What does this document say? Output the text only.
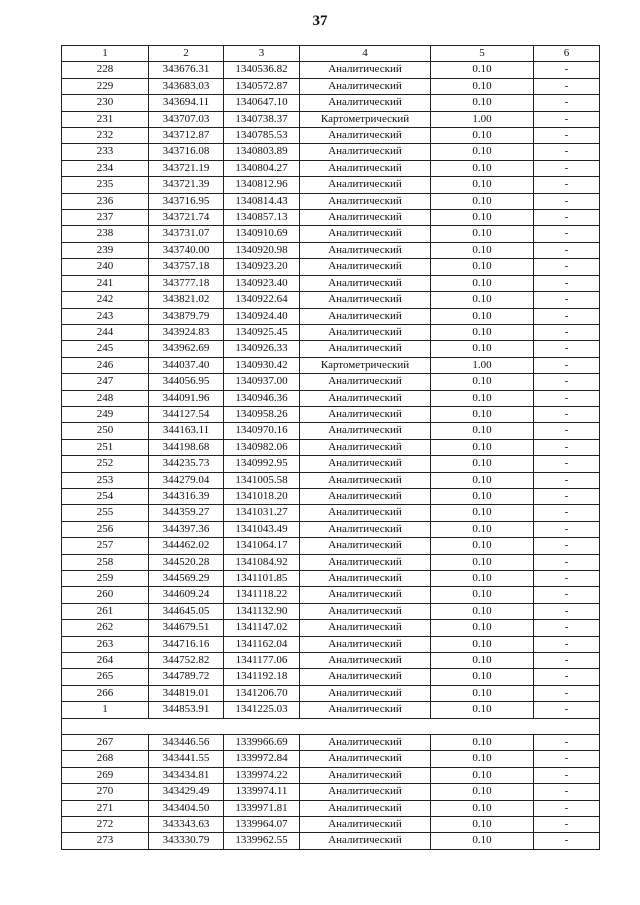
37
1	2	3	4	5	6
228	343676.31	1340536.82	Аналитический	0.10	-
229	343683.03	1340572.87	Аналитический	0.10	-
230	343694.11	1340647.10	Аналитический	0.10	-
231	343707.03	1340738.37	Картометрический	1.00	-
232	343712.87	1340785.53	Аналитический	0.10	-
233	343716.08	1340803.89	Аналитический	0.10	-
234	343721.19	1340804.27	Аналитический	0.10	-
235	343721.39	1340812.96	Аналитический	0.10	-
236	343716.95	1340814.43	Аналитический	0.10	-
237	343721.74	1340857.13	Аналитический	0.10	-
238	343731.07	1340910.69	Аналитический	0.10	-
239	343740.00	1340920.98	Аналитический	0.10	-
240	343757.18	1340923.20	Аналитический	0.10	-
241	343777.18	1340923.40	Аналитический	0.10	-
242	343821.02	1340922.64	Аналитический	0.10	-
243	343879.79	1340924.40	Аналитический	0.10	-
244	343924.83	1340925.45	Аналитический	0.10	-
245	343962.69	1340926.33	Аналитический	0.10	-
246	344037.40	1340930.42	Картометрический	1.00	-
247	344056.95	1340937.00	Аналитический	0.10	-
248	344091.96	1340946.36	Аналитический	0.10	-
249	344127.54	1340958.26	Аналитический	0.10	-
250	344163.11	1340970.16	Аналитический	0.10	-
251	344198.68	1340982.06	Аналитический	0.10	-
252	344235.73	1340992.95	Аналитический	0.10	-
253	344279.04	1341005.58	Аналитический	0.10	-
254	344316.39	1341018.20	Аналитический	0.10	-
255	344359.27	1341031.27	Аналитический	0.10	-
256	344397.36	1341043.49	Аналитический	0.10	-
257	344462.02	1341064.17	Аналитический	0.10	-
258	344520.28	1341084.92	Аналитический	0.10	-
259	344569.29	1341101.85	Аналитический	0.10	-
260	344609.24	1341118.22	Аналитический	0.10	-
261	344645.05	1341132.90	Аналитический	0.10	-
262	344679.51	1341147.02	Аналитический	0.10	-
263	344716.16	1341162.04	Аналитический	0.10	-
264	344752.82	1341177.06	Аналитический	0.10	-
265	344789.72	1341192.18	Аналитический	0.10	-
266	344819.01	1341206.70	Аналитический	0.10	-
1	344853.91	1341225.03	Аналитический	0.10	-

267	343446.56	1339966.69	Аналитический	0.10	-
268	343441.55	1339972.84	Аналитический	0.10	-
269	343434.81	1339974.22	Аналитический	0.10	-
270	343429.49	1339974.11	Аналитический	0.10	-
271	343404.50	1339971.81	Аналитический	0.10	-
272	343343.63	1339964.07	Аналитический	0.10	-
273	343330.79	1339962.55	Аналитический	0.10	-
